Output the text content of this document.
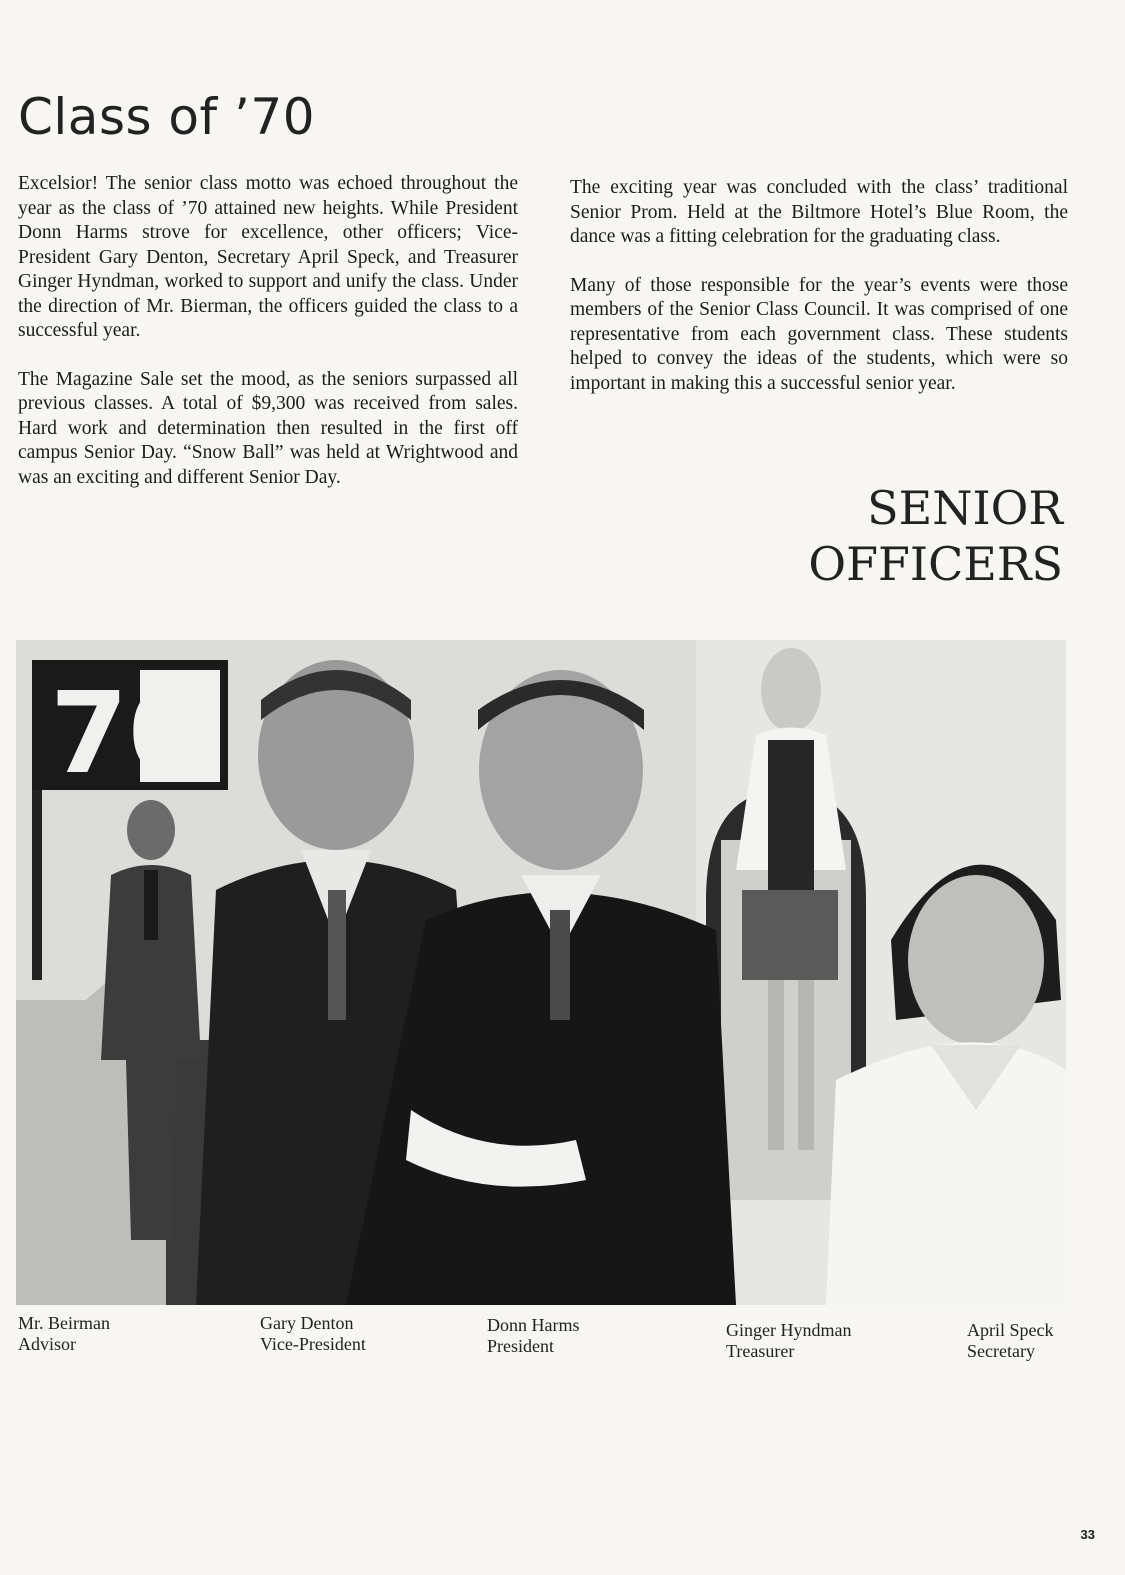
Class of ’70

Excelsior! The senior class motto was echoed throughout the year as the class of ’70 attained new heights. While President Donn Harms strove for excellence, other officers; Vice-President Gary Denton, Secretary April Speck, and Treasurer Ginger Hyndman, worked to support and unify the class. Under the direction of Mr. Bierman, the officers guided the class to a successful year.

The Magazine Sale set the mood, as the seniors surpassed all previous classes. A total of $9,300 was received from sales. Hard work and determination then resulted in the first off campus Senior Day. “Snow Ball” was held at Wrightwood and was an exciting and different Senior Day.

The exciting year was concluded with the class’ traditional Senior Prom. Held at the Biltmore Hotel’s Blue Room, the dance was a fitting celebration for the graduating class.

Many of those responsible for the year’s events were those members of the Senior Class Council. It was comprised of one representative from each government class. These students helped to convey the ideas of the students, which were so important in making this a successful senior year.

SENIOR
OFFICERS
70
Mr. Beirman
Advisor
Gary Denton
Vice-President
Donn Harms
President
Ginger Hyndman
Treasurer
April Speck
Secretary
33
